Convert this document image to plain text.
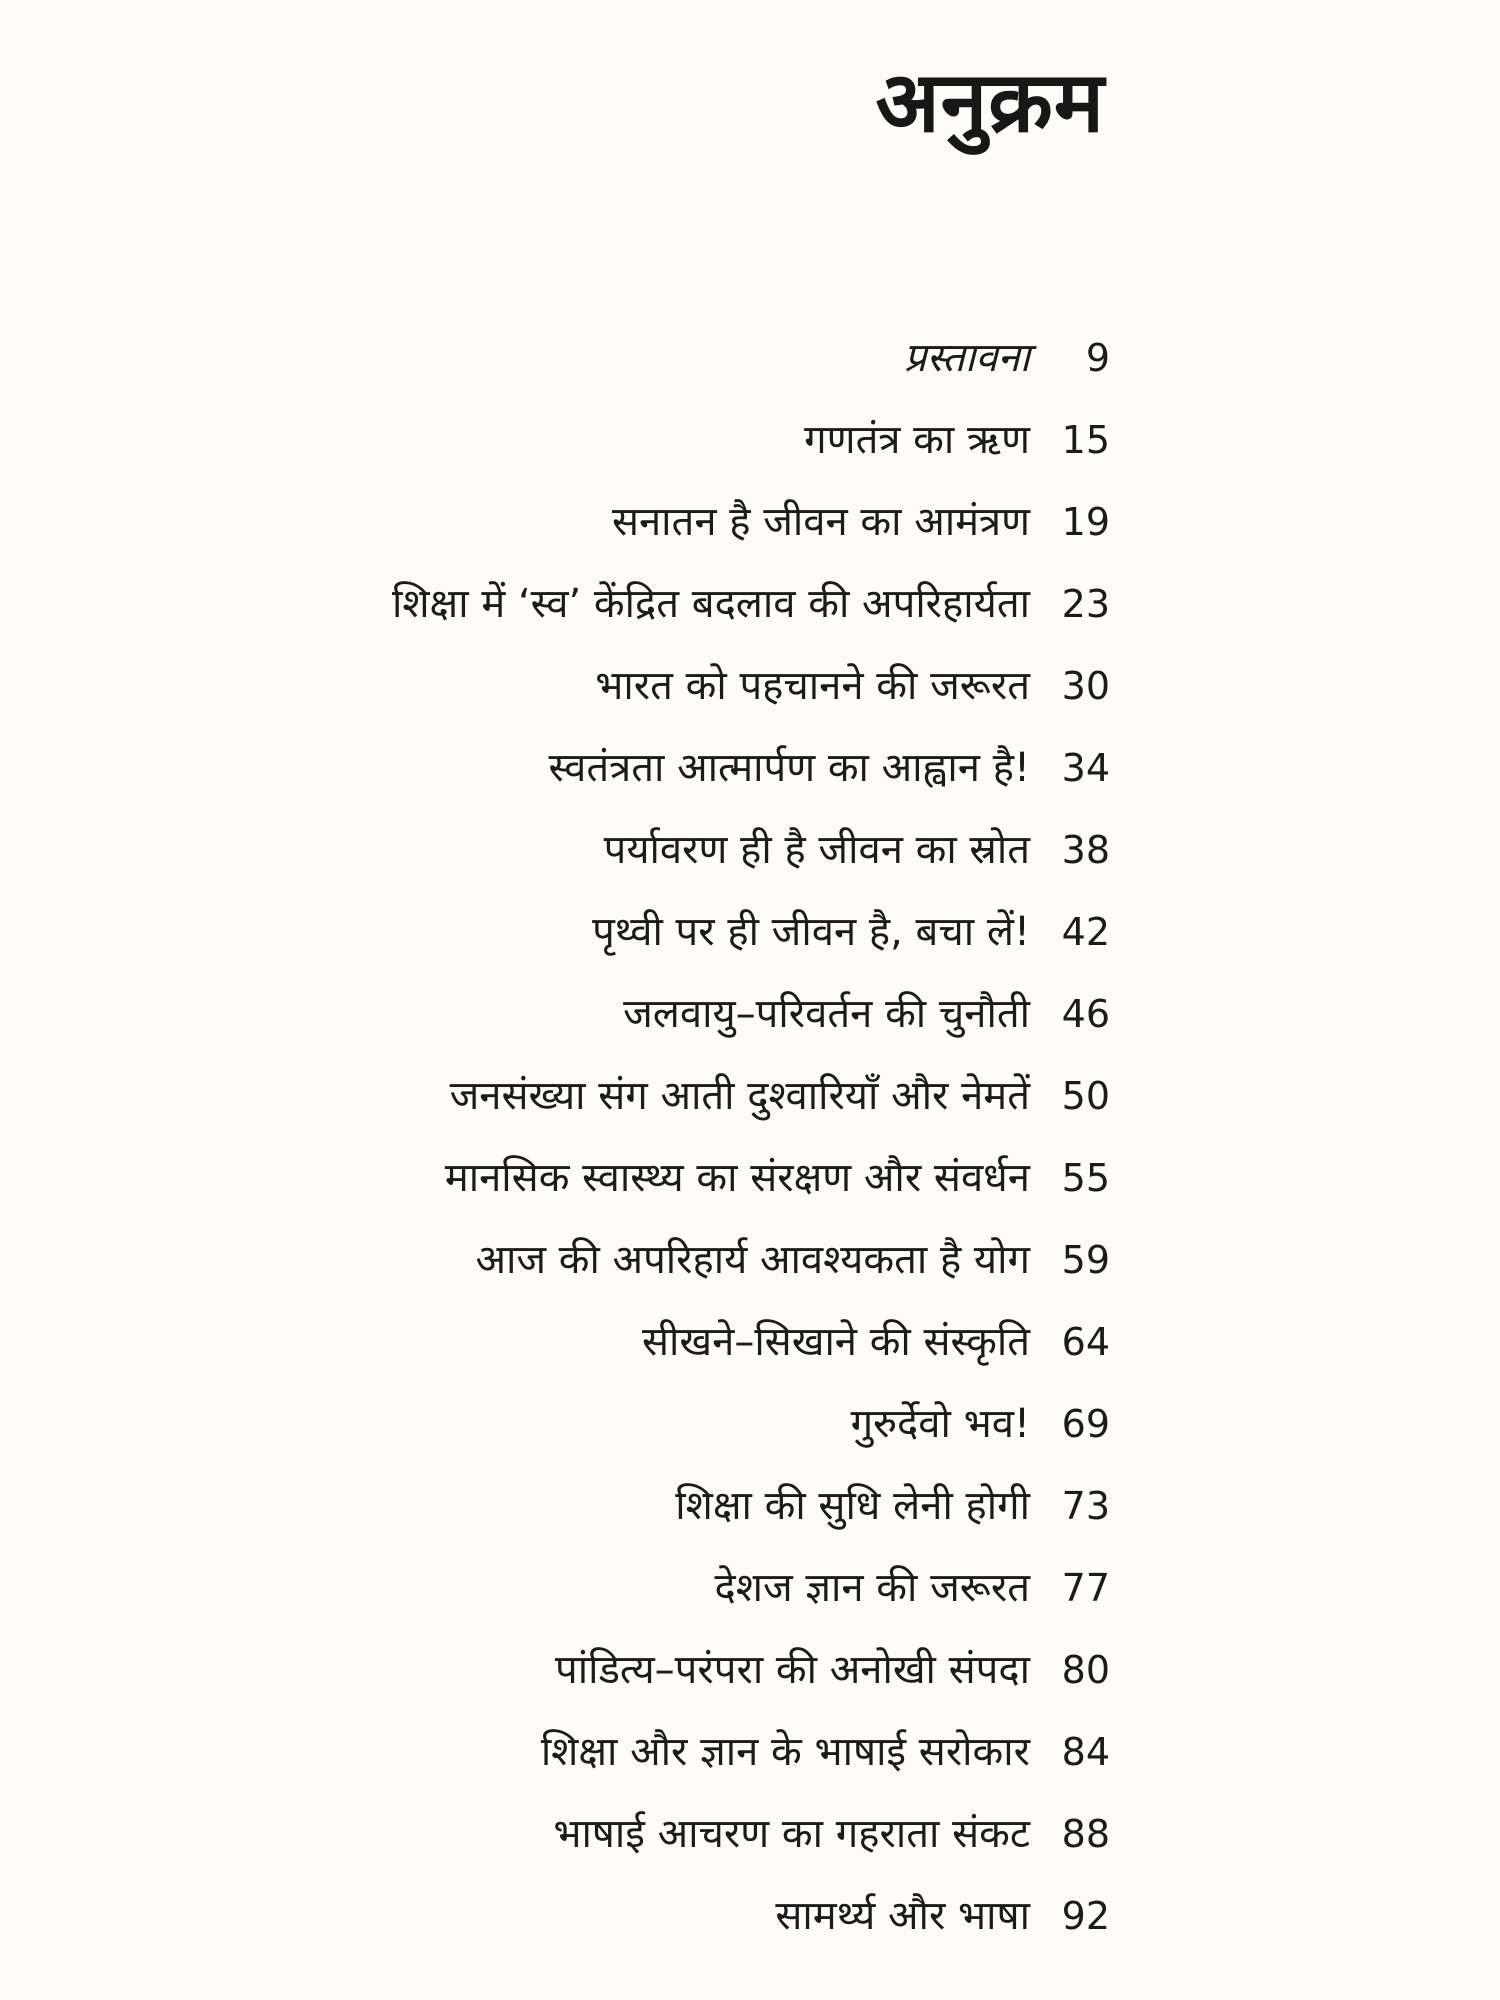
अनुक्रम
प्रस्तावना	9
गणतंत्र का ऋण 15
सनातन है जीवन का आमंत्रण 19
शिक्षा में ‘स्व’ केंद्रित बदलाव की अपरिहार्यता 23
भारत को पहचानने की जरूरत 30
स्वतंत्रता आत्मार्पण का आह्वान है! 34
पर्यावरण ही है जीवन का स्रोत 38
पृथ्वी पर ही जीवन है, बचा लें! 42
जलवायु–परिवर्तन की चुनौती 46
जनसंख्या संग आती दुश्वारियाँ और नेमतें 50
मानसिक स्वास्थ्य का संरक्षण और संवर्धन 55
आज की अपरिहार्य आवश्यकता है योग 59
सीखने–सिखाने की संस्कृति 64
गुरुर्देवो भव! 69
शिक्षा की सुधि लेनी होगी 73
देशज ज्ञान की जरूरत 77
पांडित्य–परंपरा की अनोखी संपदा 80
शिक्षा और ज्ञान के भाषाई सरोकार 84
भाषाई आचरण का गहराता संकट 88
सामर्थ्य और भाषा 92
